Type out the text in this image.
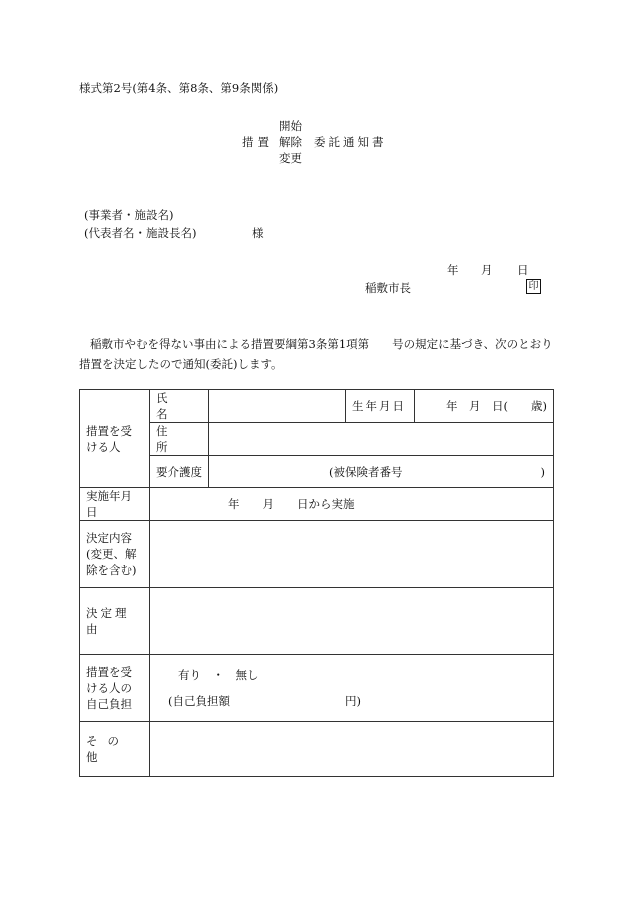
様式第2号(第4条、第8条、第9条関係)
開始
措置 解除 委託通知書
変更
(事業者・施設名)
(代表者名・施設長名)	様
年 月 日
稲敷市長	印
稲敷市やむを得ない事由による措置要綱第3条第1項第　　号の規定に基づき、次のとおり措置を決定したので通知(委託)します。
措置を受ける人	氏　　名		生年月日	年　月　日(　　歳)
	住　　所			
	要介護度	(被保険者番号　　　　　　　　　　　　)		
実施年月日	年　　月　　日から実施			
決定内容(変更、解除を含む)				
決定理由				
措置を受ける人の自己負担	有り　・　無し
(自己負担額　　　　　　　　　　円)			

その他				
